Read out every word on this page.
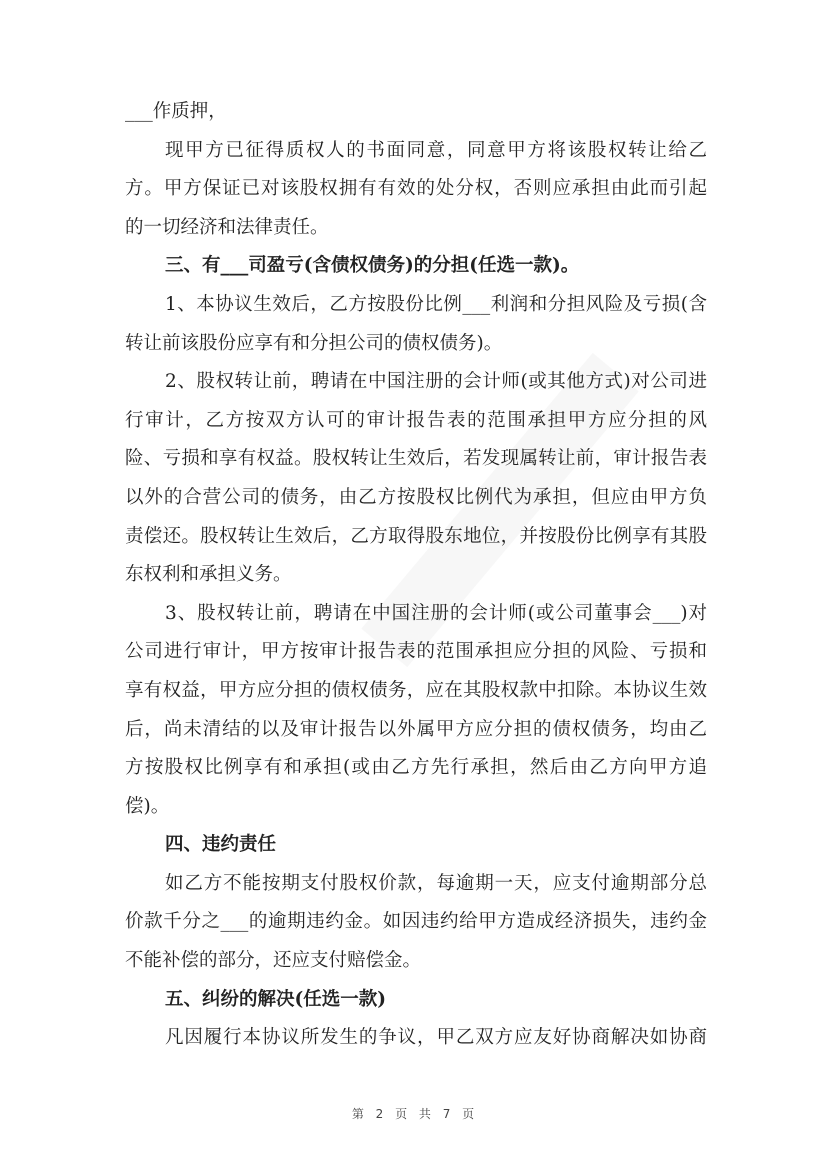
___作质押，
现甲方已征得质权人的书面同意，同意甲方将该股权转让给乙
方。甲方保证已对该股权拥有有效的处分权，否则应承担由此而引起
的一切经济和法律责任。
三、有___司盈亏(含债权债务)的分担(任选一款)。
1、本协议生效后，乙方按股份比例___利润和分担风险及亏损(含
转让前该股份应享有和分担公司的债权债务)。
2、股权转让前，聘请在中国注册的会计师(或其他方式)对公司进
行审计，乙方按双方认可的审计报告表的范围承担甲方应分担的风
险、亏损和享有权益。股权转让生效后，若发现属转让前，审计报告表
以外的合营公司的债务，由乙方按股权比例代为承担，但应由甲方负
责偿还。股权转让生效后，乙方取得股东地位，并按股份比例享有其股
东权利和承担义务。
3、股权转让前，聘请在中国注册的会计师(或公司董事会___)对
公司进行审计，甲方按审计报告表的范围承担应分担的风险、亏损和
享有权益，甲方应分担的债权债务，应在其股权款中扣除。本协议生效
后，尚未清结的以及审计报告以外属甲方应分担的债权债务，均由乙
方按股权比例享有和承担(或由乙方先行承担，然后由乙方向甲方追
偿)。
四、违约责任
如乙方不能按期支付股权价款，每逾期一天，应支付逾期部分总
价款千分之___的逾期违约金。如因违约给甲方造成经济损失，违约金
不能补偿的部分，还应支付赔偿金。
五、纠纷的解决(任选一款)
凡因履行本协议所发生的争议，甲乙双方应友好协商解决如协商
第 2 页 共 7 页
